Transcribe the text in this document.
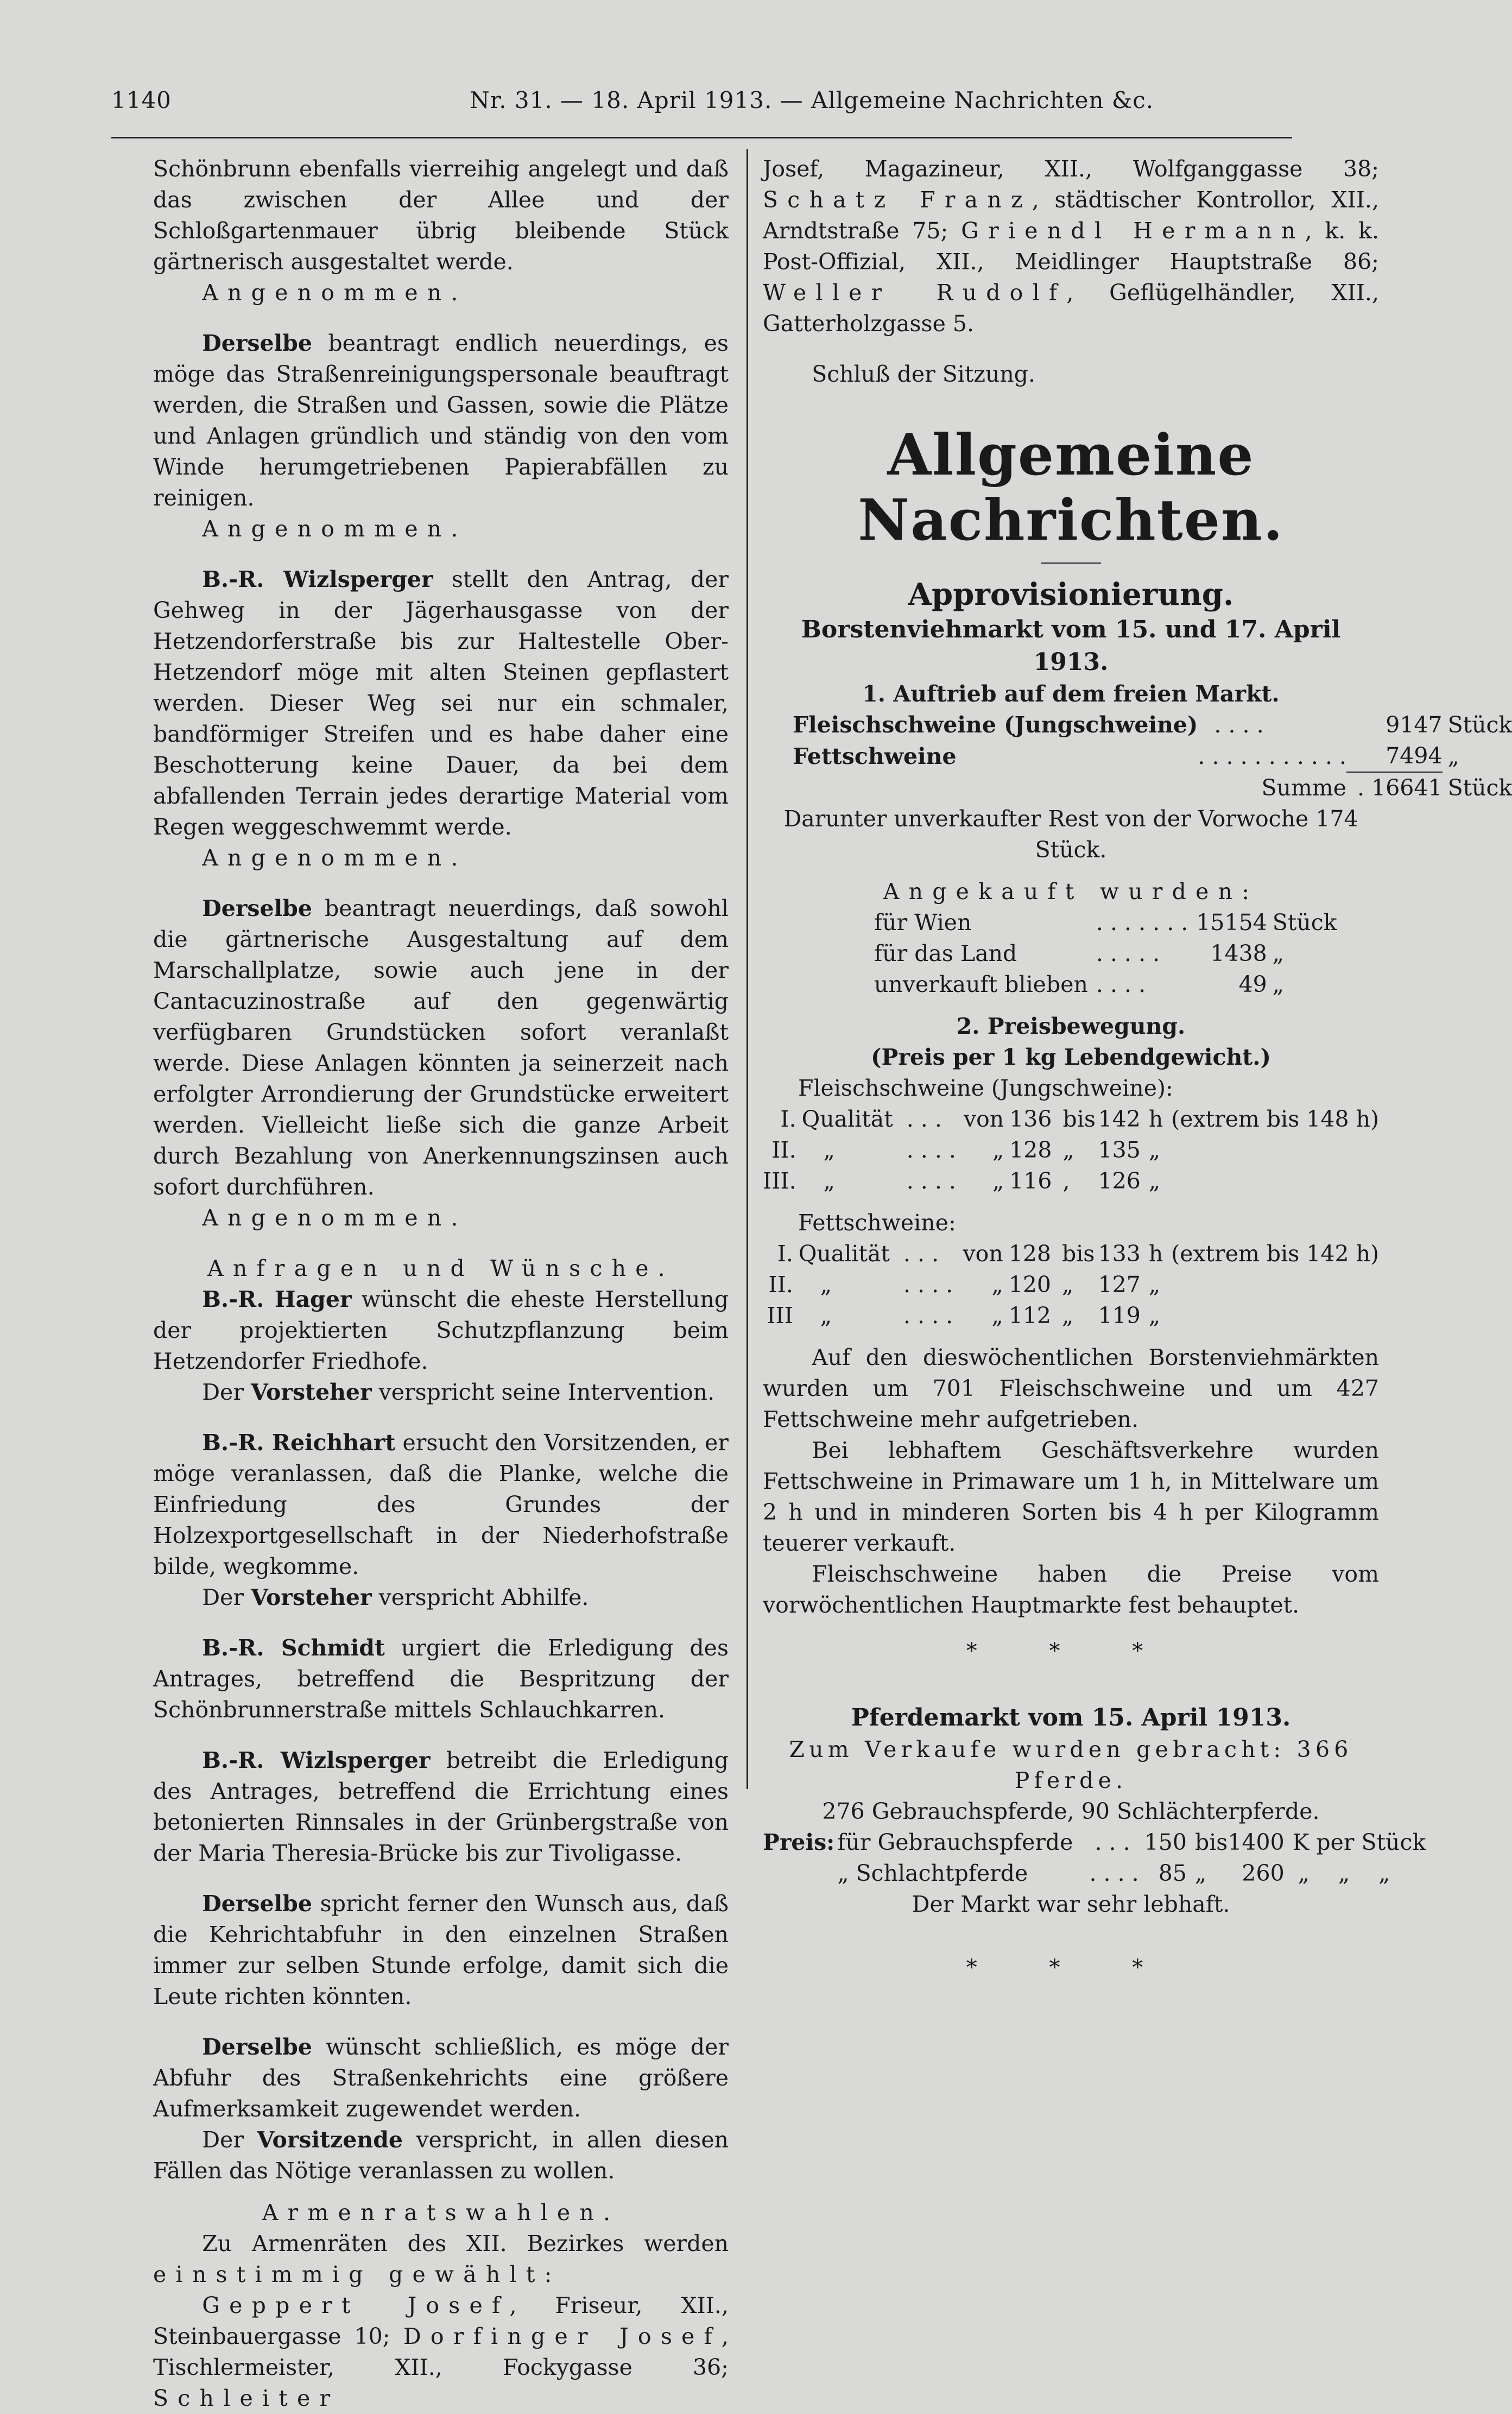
1140	Nr. 31. — 18. April 1913. — Allgemeine Nachrichten &c.

Schönbrunn ebenfalls vierreihig angelegt und daß das zwischen der Allee und der Schloßgartenmauer übrig bleibende Stück gärtnerisch ausgestaltet werde.

Angenommen.

Derselbe beantragt endlich neuerdings, es möge das Straßenreinigungspersonale beauftragt werden, die Straßen und Gassen, sowie die Plätze und Anlagen gründlich und ständig von den vom Winde herumgetriebenen Papierabfällen zu reinigen.

Angenommen.

B.-R. Wizlsperger stellt den Antrag, der Gehweg in der Jägerhausgasse von der Hetzendorferstraße bis zur Haltestelle Ober-Hetzendorf möge mit alten Steinen gepflastert werden. Dieser Weg sei nur ein schmaler, bandförmiger Streifen und es habe daher eine Beschotterung keine Dauer, da bei dem abfallenden Terrain jedes derartige Material vom Regen weggeschwemmt werde.

Angenommen.

Derselbe beantragt neuerdings, daß sowohl die gärtnerische Ausgestaltung auf dem Marschallplatze, sowie auch jene in der Cantacuzinostraße auf den gegenwärtig verfügbaren Grundstücken sofort veranlaßt werde. Diese Anlagen könnten ja seinerzeit nach erfolgter Arrondierung der Grundstücke erweitert werden. Vielleicht ließe sich die ganze Arbeit durch Bezahlung von Anerkennungszinsen auch sofort durchführen.

Angenommen.

Anfragen und Wünsche.

B.-R. Hager wünscht die eheste Herstellung der projektierten Schutzpflanzung beim Hetzendorfer Friedhofe.

Der Vorsteher verspricht seine Intervention.

B.-R. Reichhart ersucht den Vorsitzenden, er möge veranlassen, daß die Planke, welche die Einfriedung des Grundes der Holzexportgesellschaft in der Niederhofstraße bilde, wegkomme.

Der Vorsteher verspricht Abhilfe.

B.-R. Schmidt urgiert die Erledigung des Antrages, betreffend die Bespritzung der Schönbrunnerstraße mittels Schlauchkarren.

B.-R. Wizlsperger betreibt die Erledigung des Antrages, betreffend die Errichtung eines betonierten Rinnsales in der Grünbergstraße von der Maria Theresia-Brücke bis zur Tivoligasse.

Derselbe spricht ferner den Wunsch aus, daß die Kehrichtabfuhr in den einzelnen Straßen immer zur selben Stunde erfolge, damit sich die Leute richten könnten.

Derselbe wünscht schließlich, es möge der Abfuhr des Straßenkehrichts eine größere Aufmerksamkeit zugewendet werden.

Der Vorsitzende verspricht, in allen diesen Fällen das Nötige veranlassen zu wollen.

Armenratswahlen.

Zu Armenräten des XII. Bezirkes werden einstimmig gewählt:

Geppert Josef, Friseur, XII., Steinbauergasse 10; Dorfinger Josef, Tischlermeister, XII., Fockygasse 36; Schleiter

Josef, Magazineur, XII., Wolfganggasse 38; Schatz Franz, städtischer Kontrollor, XII., Arndtstraße 75; Griendl Hermann, k. k. Post-Offizial, XII., Meidlinger Hauptstraße 86; Weller Rudolf, Geflügelhändler, XII., Gatterholzgasse 5.

Schluß der Sitzung.

Allgemeine Nachrichten.
Approvisionierung.
Borstenviehmarkt vom 15. und 17. April 1913.
1. Auftrieb auf dem freien Markt.
Fleischschweine (Jungschweine)	. . . .	9147	Stück
Fettschweine	. . . . . . . . . . .	7494	„
	Summe	. 16641	Stück

Darunter unverkaufter Rest von der Vorwoche 174 Stück.

Angekauft wurden:

für Wien	. . . . . . .	15154	Stück
für das Land	. . . . .	1438	„
unverkauft blieben	. . . .	49	„
2. Preisbewegung.

(Preis per 1 kg Lebendgewicht.)

Fleischschweine (Jungschweine):

I.	Qualität	. . .	von	136	bis	142	h	(extrem bis 148 h)
II.	„	. . . .	„	128	„	135	„	
III.	„	. . . .	„	116	,	126	„	

Fettschweine:

I.	Qualität	. . .	von	128	bis	133	h	(extrem bis 142 h)
II.	„	. . . .	„	120	„	127	„	
III	„	. . . .	„	112	„	119	„	

Auf den dieswöchentlichen Borstenviehmärkten wurden um 701 Fleischschweine und um 427 Fettschweine mehr aufgetrieben.

Bei lebhaftem Geschäftsverkehre wurden Fettschweine in Primaware um 1 h, in Mittelware um 2 h und in minderen Sorten bis 4 h per Kilogramm teuerer verkauft.

Fleischschweine haben die Preise vom vorwöchentlichen Hauptmarkte fest behauptet.

* * *
Pferdemarkt vom 15. April 1913.

Zum Verkaufe wurden gebracht: 366 Pferde.

276 Gebrauchspferde, 90 Schlächterpferde.

Preis:	für Gebrauchspferde	. . .	150	bis	1400	K per Stück
	„ Schlachtpferde	. . . .	85	„	260	„ „ „

Der Markt war sehr lebhaft.

* * *
